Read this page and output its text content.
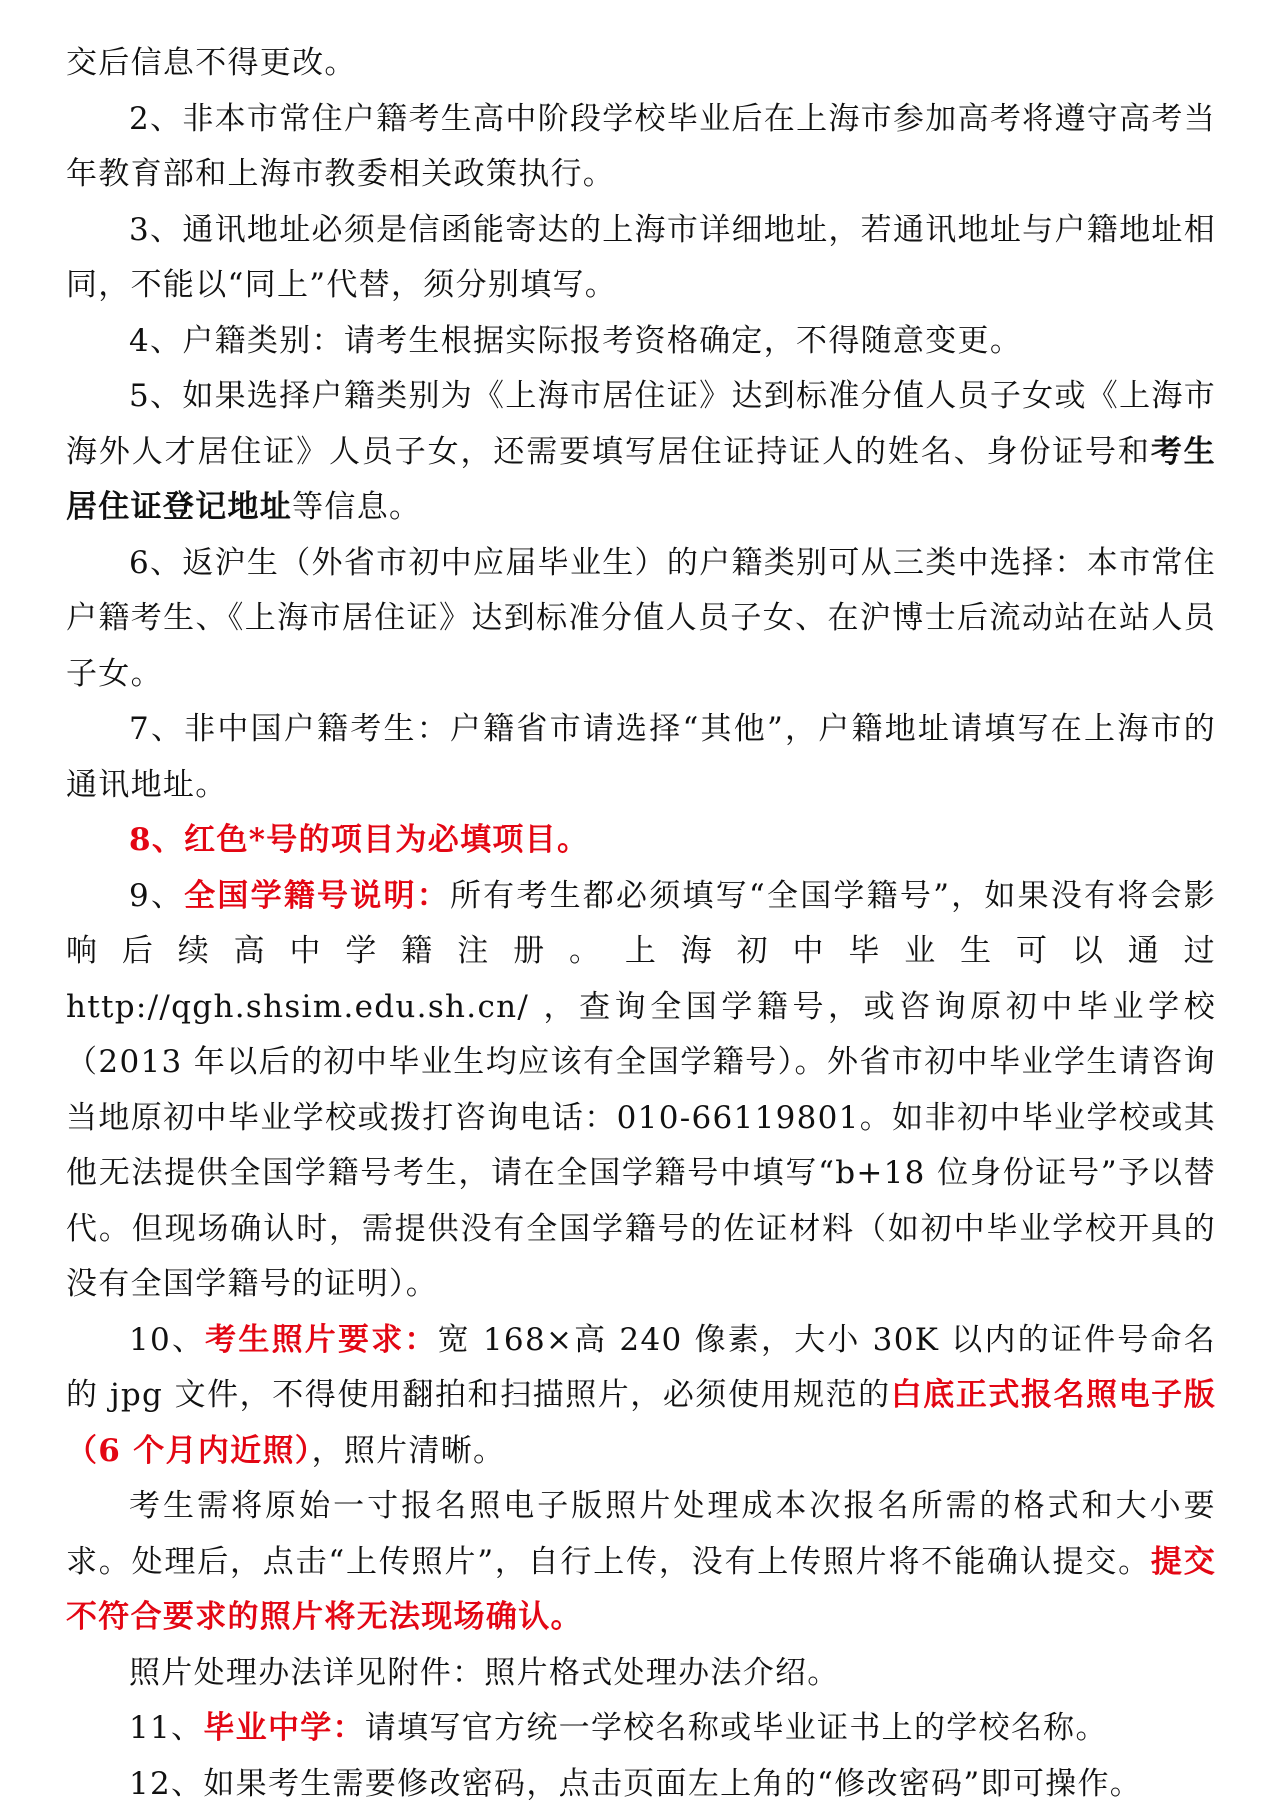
交后信息不得更改。

2、非本市常住户籍考生高中阶段学校毕业后在上海市参加高考将遵守高考当年教育部和上海市教委相关政策执行。

3、通讯地址必须是信函能寄达的上海市详细地址，若通讯地址与户籍地址相同，不能以“同上”代替，须分别填写。

4、户籍类别：请考生根据实际报考资格确定，不得随意变更。

5、如果选择户籍类别为《上海市居住证》达到标准分值人员子女或《上海市海外人才居住证》人员子女，还需要填写居住证持证人的姓名、身份证号和考生居住证登记地址等信息。

6、返沪生（外省市初中应届毕业生）的户籍类别可从三类中选择：本市常住户籍考生、《上海市居住证》达到标准分值人员子女、在沪博士后流动站在站人员子女。

7、非中国户籍考生：户籍省市请选择“其他”，户籍地址请填写在上海市的通讯地址。

8、红色*号的项目为必填项目。

9、全国学籍号说明：所有考生都必须填写“全国学籍号”，如果没有将会影响后续高中学籍注册。上海初中毕业生可以通过 http://qgh.shsim.edu.sh.cn/ ，查询全国学籍号，或咨询原初中毕业学校（2013 年以后的初中毕业生均应该有全国学籍号）。外省市初中毕业学生请咨询当地原初中毕业学校或拨打咨询电话：010-66119801。如非初中毕业学校或其他无法提供全国学籍号考生，请在全国学籍号中填写“b+18 位身份证号”予以替代。但现场确认时，需提供没有全国学籍号的佐证材料（如初中毕业学校开具的没有全国学籍号的证明）。

10、考生照片要求：宽 168×高 240 像素，大小 30K 以内的证件号命名的 jpg 文件，不得使用翻拍和扫描照片，必须使用规范的白底正式报名照电子版（6 个月内近照），照片清晰。

考生需将原始一寸报名照电子版照片处理成本次报名所需的格式和大小要求。处理后，点击“上传照片”，自行上传，没有上传照片将不能确认提交。提交不符合要求的照片将无法现场确认。

照片处理办法详见附件：照片格式处理办法介绍。

11、毕业中学：请填写官方统一学校名称或毕业证书上的学校名称。

12、如果考生需要修改密码，点击页面左上角的“修改密码”即可操作。
